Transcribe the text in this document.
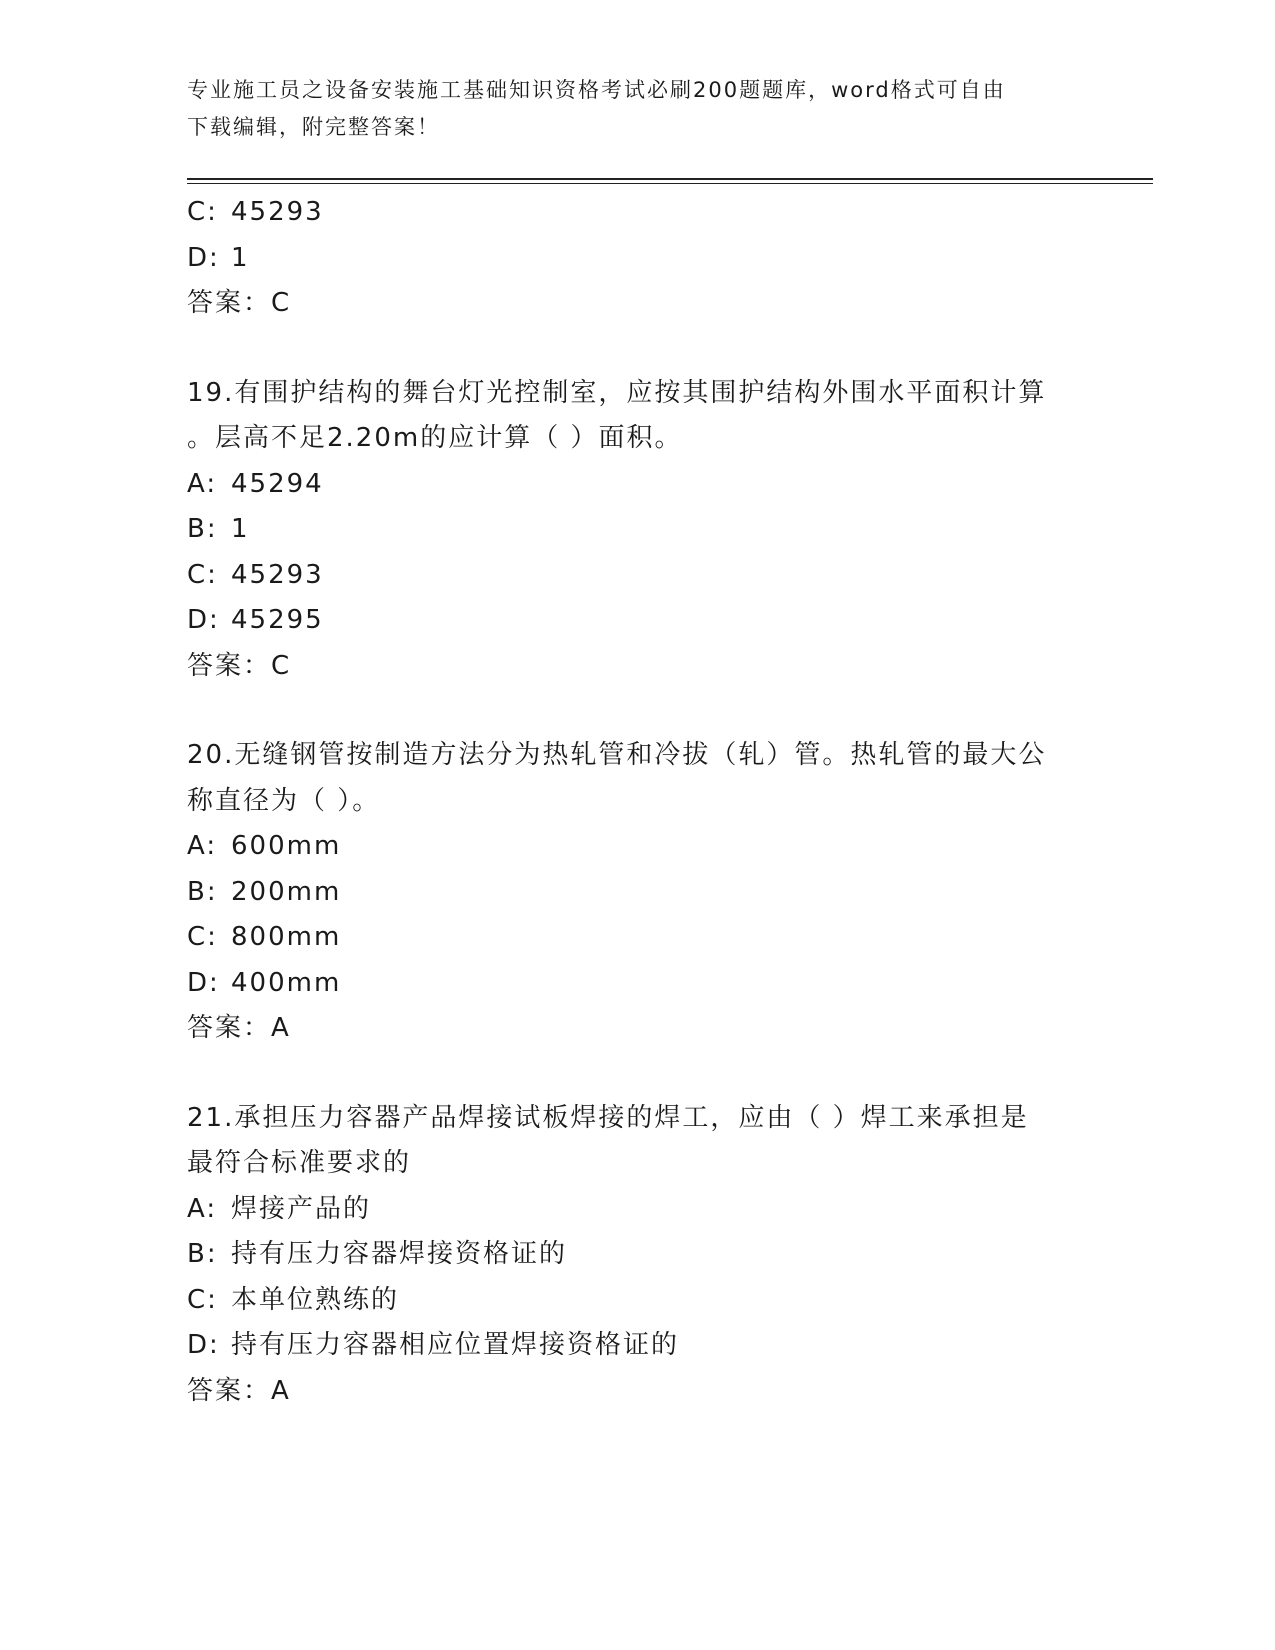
专业施工员之设备安装施工基础知识资格考试必刷200题题库，word格式可自由
下载编辑，附完整答案！
C: 45293
D: 1
答案：C
19.有围护结构的舞台灯光控制室，应按其围护结构外围水平面积计算
。层高不足2.20m的应计算（ ）面积。
A: 45294
B: 1
C: 45293
D: 45295
答案：C
20.无缝钢管按制造方法分为热轧管和冷拔（轧）管。热轧管的最大公
称直径为（ ）。
A: 600mm
B: 200mm
C: 800mm
D: 400mm
答案：A
21.承担压力容器产品焊接试板焊接的焊工，应由（ ）焊工来承担是
最符合标准要求的
A: 焊接产品的
B: 持有压力容器焊接资格证的
C: 本单位熟练的
D: 持有压力容器相应位置焊接资格证的
答案：A
